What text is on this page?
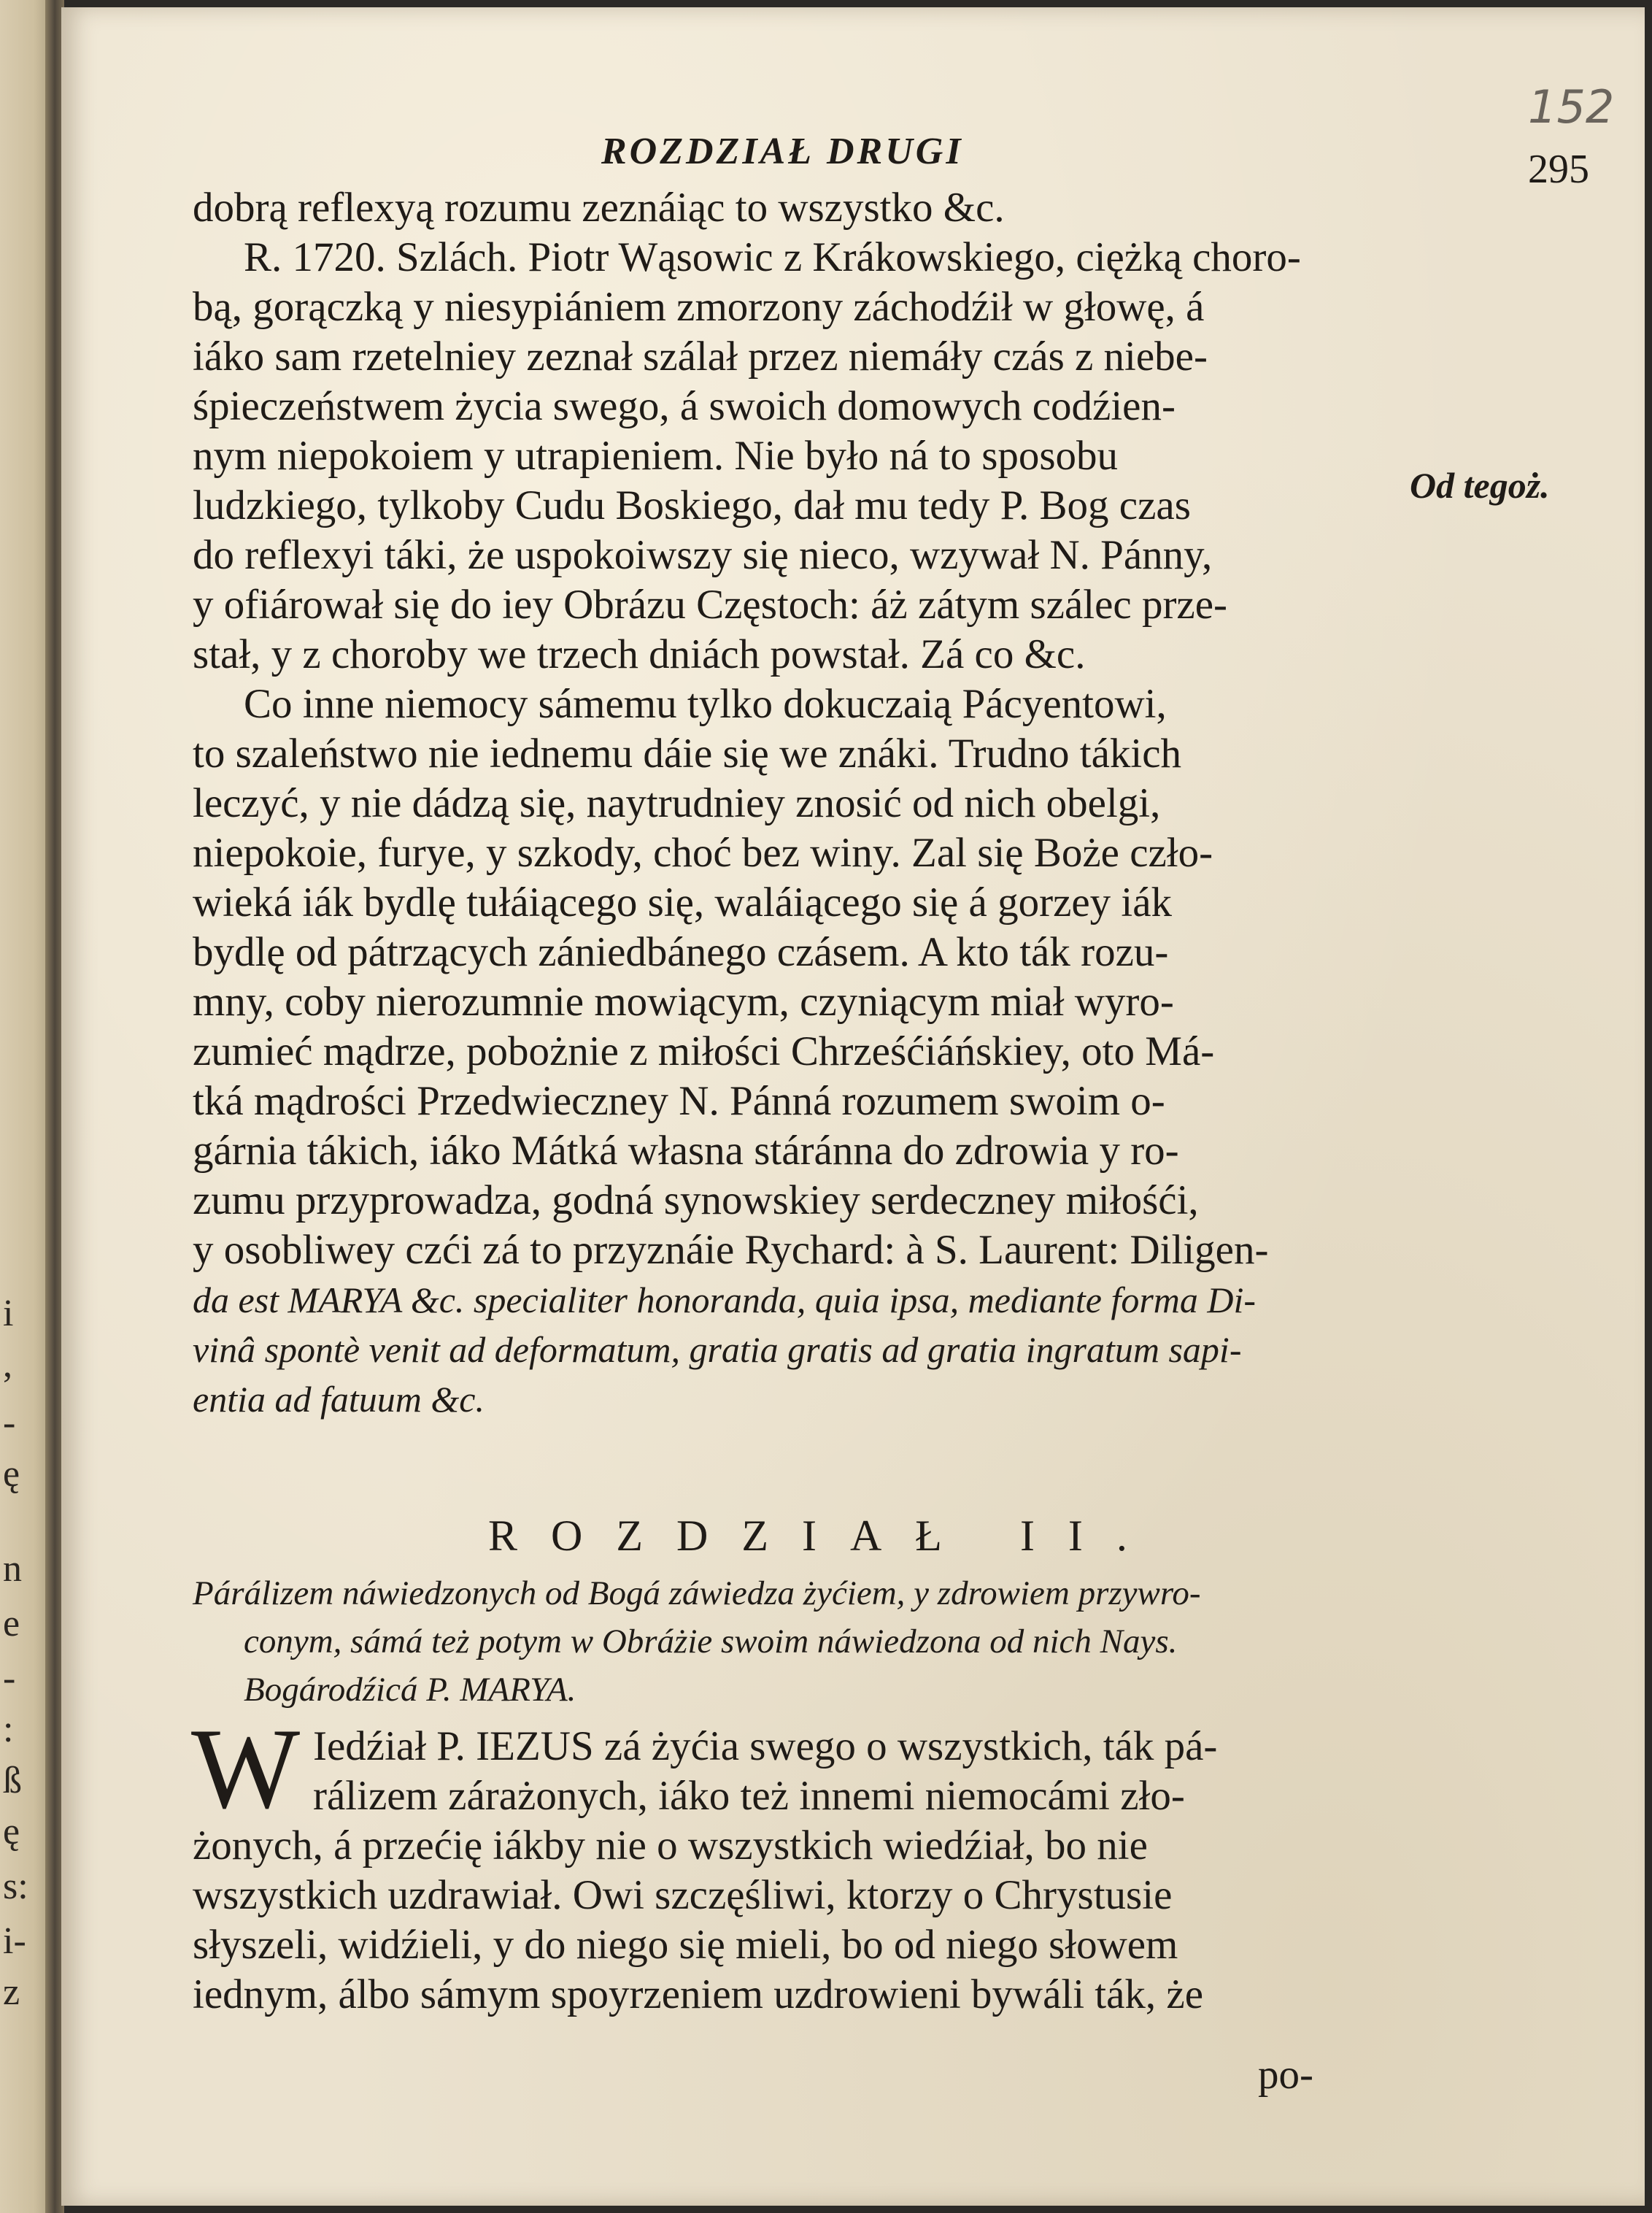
i
,
-
ę
n
e
-
:
ß
ę
s:
i-
z
152
ROZDZIAŁ DRUGI	295
Od tegoż.
dobrą reflexyą rozumu zeznáiąc to wszystko &c.
R. 1720. Szlách. Piotr Wąsowic z Krákowskiego, ciężką choro-
bą, gorączką y niesypiániem zmorzony záchodźił w głowę, á
iáko sam rzetelniey zeznał szálał przez niemáły czás z niebe-
śpieczeństwem życia swego, á swoich domowych codźien-
nym niepokoiem y utrapieniem. Nie było ná to sposobu
ludzkiego, tylkoby Cudu Boskiego, dał mu tedy P. Bog czas
do reflexyi táki, że uspokoiwszy się nieco, wzywał N. Pánny,
y ofiárował się do iey Obrázu Częstoch: áż zátym szálec prze-
stał, y z choroby we trzech dniách powstał. Zá co &c.
Co inne niemocy sámemu tylko dokuczaią Pácyentowi,
to szaleństwo nie iednemu dáie się we znáki. Trudno tákich
leczyć, y nie dádzą się, naytrudniey znosić od nich obelgi,
niepokoie, furye, y szkody, choć bez winy. Zal się Boże czło-
wieká iák bydlę tułáiącego się, waláiącego się á gorzey iák
bydlę od pátrzących zániedbánego czásem. A kto ták rozu-
mny, coby nierozumnie mowiącym, czyniącym miał wyro-
zumieć mądrze, pobożnie z miłości Chrześćiáńskiey, oto Má-
tká mądrości Przedwieczney N. Pánná rozumem swoim o-
gárnia tákich, iáko Mátká własna stáránna do zdrowia y ro-
zumu przyprowadza, godná synowskiey serdeczney miłośći,
y osobliwey czći zá to przyznáie Rychard: à S. Laurent: Diligen-
da est MARYA &c. specialiter honoranda, quia ipsa, mediante forma Di-
vinâ spontè venit ad deformatum, gratia gratis ad gratia ingratum sapi-
entia ad fatuum &c.
ROZDZIAŁ II.
Párálizem náwiedzonych od Bogá záwiedza żyćiem, y zdrowiem przywro-
conym, sámá też potym w Obráżie swoim náwiedzona od nich Nays.
Bogárodźicá P. MARYA.
W Iedźiał P. IEZUS zá żyćia swego o wszystkich, ták pá-
rálizem zárażonych, iáko też innemi niemocámi zło-
żonych, á przećię iákby nie o wszystkich wiedźiał, bo nie
wszystkich uzdrawiał. Owi szczęśliwi, ktorzy o Chrystusie
słyszeli, widźieli, y do niego się mieli, bo od niego słowem
iednym, álbo sámym spoyrzeniem uzdrowieni bywáli ták, że
po-
